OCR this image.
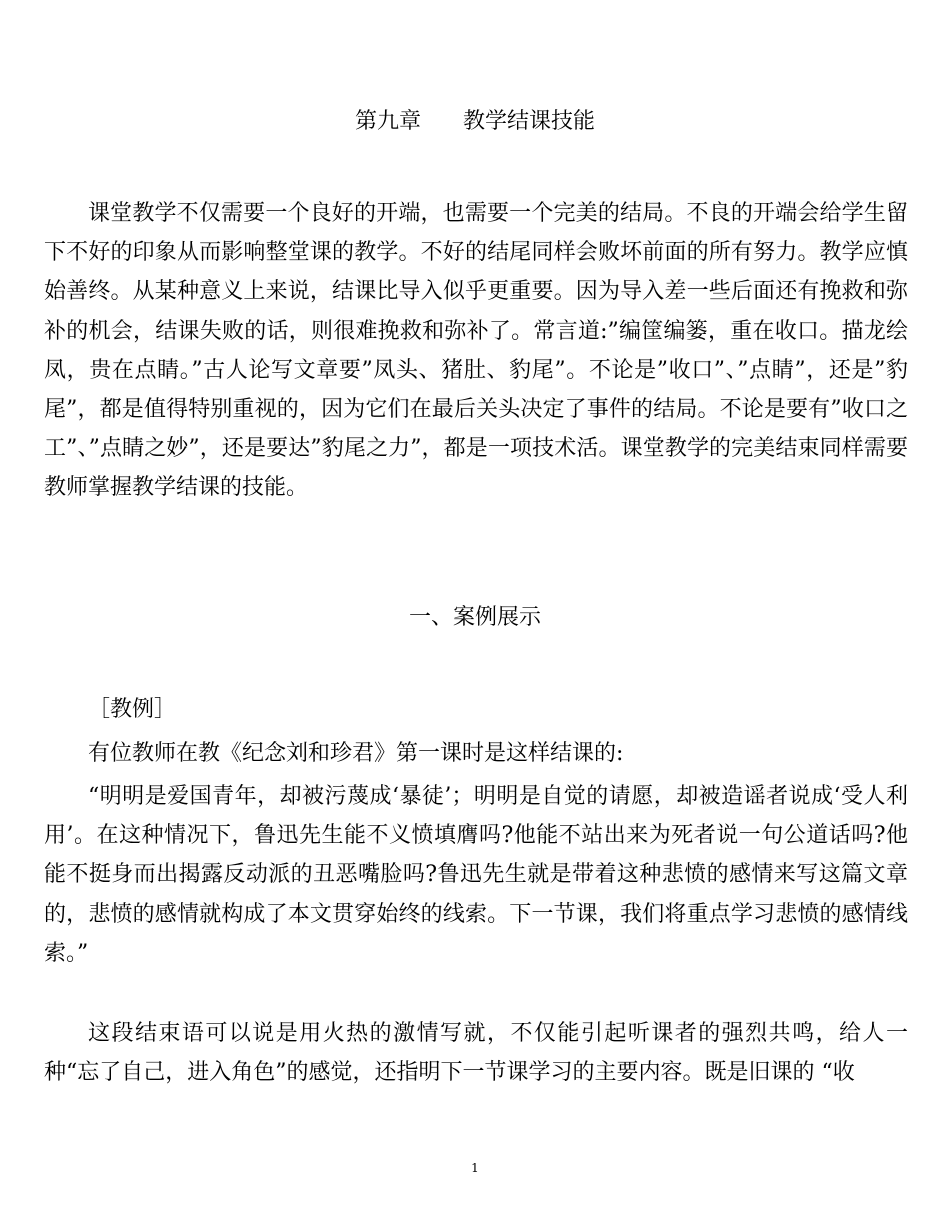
第九章      教学结课技能

课堂教学不仅需要一个良好的开端，也需要一个完美的结局。不良的开端会给学生留下不好的印象从而影响整堂课的教学。不好的结尾同样会败坏前面的所有努力。教学应慎始善终。从某种意义上来说，结课比导入似乎更重要。因为导入差一些后面还有挽救和弥补的机会，结课失败的话，则很难挽救和弥补了。常言道:”编筐编篓，重在收口。描龙绘凤，贵在点睛。”古人论写文章要”凤头、猪肚、豹尾”。不论是”收口”、”点睛”，还是”豹尾”，都是值得特别重视的，因为它们在最后关头决定了事件的结局。不论是要有”收口之工”、”点睛之妙”，还是要达”豹尾之力”，都是一项技术活。课堂教学的完美结束同样需要教师掌握教学结课的技能。

一、案例展示
［教例］

有位教师在教《纪念刘和珍君》第一课时是这样结课的:

“明明是爱国青年，却被污蔑成‘暴徒’；明明是自觉的请愿，却被造谣者说成‘受人利用’。在这种情况下，鲁迅先生能不义愤填膺吗?他能不站出来为死者说一句公道话吗?他能不挺身而出揭露反动派的丑恶嘴脸吗?鲁迅先生就是带着这种悲愤的感情来写这篇文章的，悲愤的感情就构成了本文贯穿始终的线索。下一节课，我们将重点学习悲愤的感情线索。”

这段结束语可以说是用火热的激情写就，不仅能引起听课者的强烈共鸣，给人一种“忘了自己，进入角色”的感觉，还指明下一节课学习的主要内容。既是旧课的 “收

1
